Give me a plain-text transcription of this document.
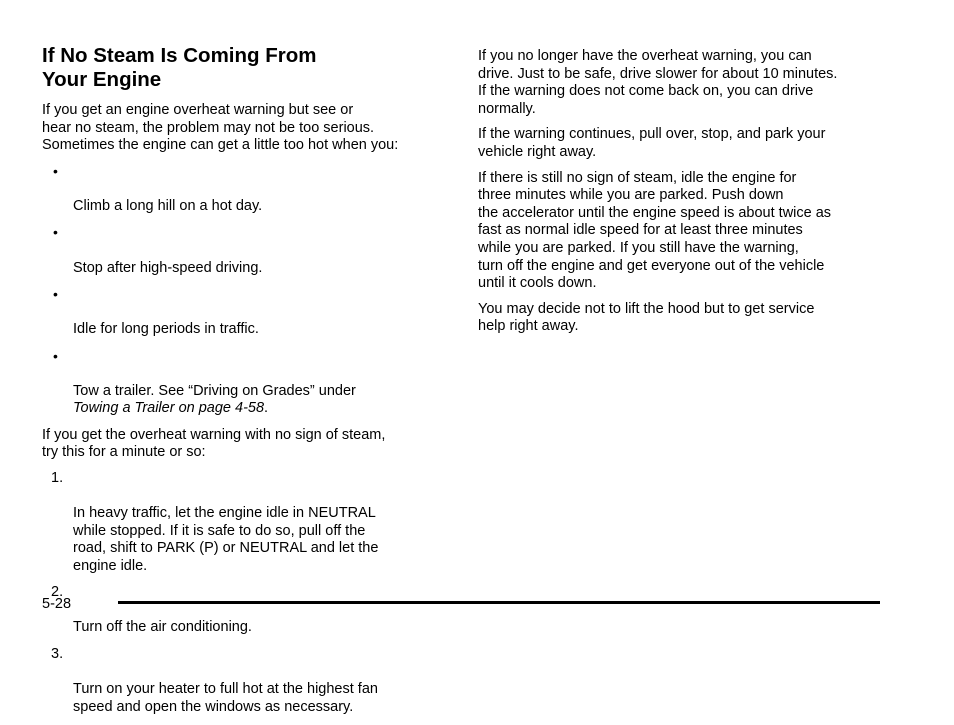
If No Steam Is Coming From
Your Engine

If you get an engine overheat warning but see or
hear no steam, the problem may not be too serious.
Sometimes the engine can get a little too hot when you:

•

Climb a long hill on a hot day.

•

Stop after high-speed driving.

•

Idle for long periods in traffic.

•

Tow a trailer. See “Driving on Grades” under
Towing a Trailer on page 4-58.

If you get the overheat warning with no sign of steam,
try this for a minute or so:

1.

In heavy traffic, let the engine idle in NEUTRAL
while stopped. If it is safe to do so, pull off the
road, shift to PARK (P) or NEUTRAL and let the
engine idle.

2.

Turn off the air conditioning.

3.

Turn on your heater to full hot at the highest fan
speed and open the windows as necessary.

If you no longer have the overheat warning, you can
drive. Just to be safe, drive slower for about 10 minutes.
If the warning does not come back on, you can drive
normally.

If the warning continues, pull over, stop, and park your
vehicle right away.

If there is still no sign of steam, idle the engine for
three minutes while you are parked. Push down
the accelerator until the engine speed is about twice as
fast as normal idle speed for at least three minutes
while you are parked. If you still have the warning,
turn off the engine and get everyone out of the vehicle
until it cools down.

You may decide not to lift the hood but to get service
help right away.

5-28
